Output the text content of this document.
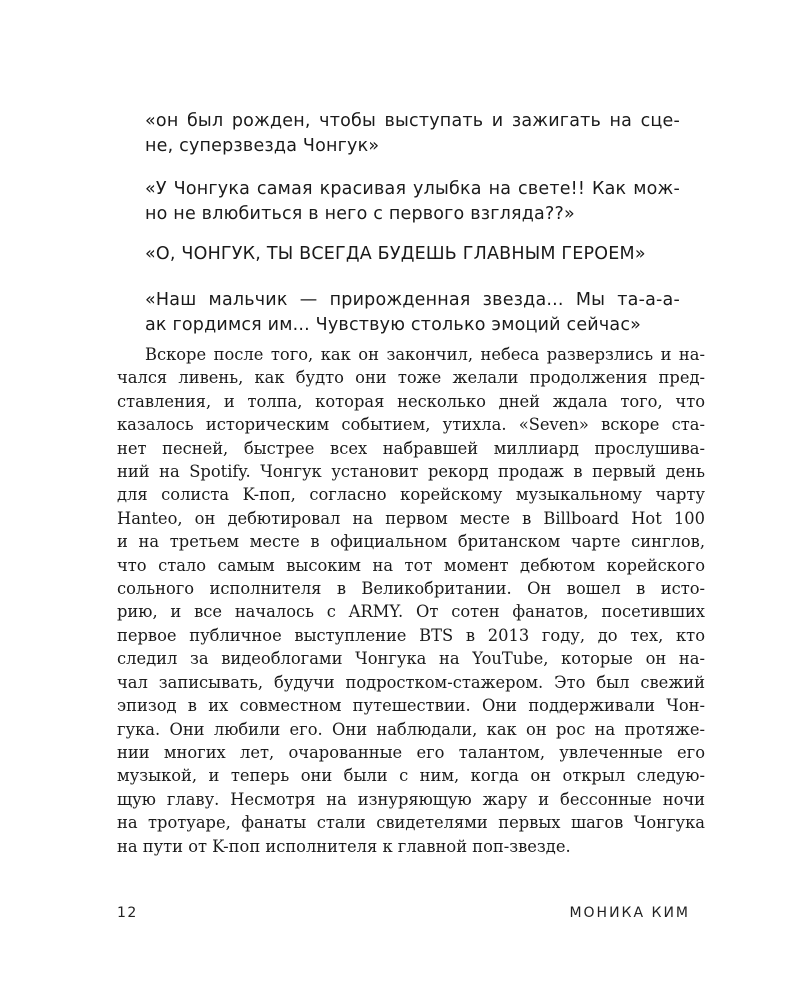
«он был рожден, чтобы выступать и зажигать на сце-
не, суперзвезда Чонгук»
«У Чонгука самая красивая улыбка на свете!! Как мож-
но не влюбиться в него с первого взгляда??»
«О, ЧОНГУК, ТЫ ВСЕГДА БУДЕШЬ ГЛАВНЫМ ГЕРОЕМ»
«Наш мальчик — прирожденная звезда... Мы та-а-а-
ак гордимся им... Чувствую столько эмоций сейчас»
Вскоре после того, как он закончил, небеса разверзлись и на-
чался ливень, как будто они тоже желали продолжения пред-
ставления, и толпа, которая несколько дней ждала того, что
казалось историческим событием, утихла. «Seven» вскоре ста-
нет песней, быстрее всех набравшей миллиард прослушива-
ний на Spotify. Чонгук установит рекорд продаж в первый день
для солиста K-поп, согласно корейскому музыкальному чарту
Hanteo, он дебютировал на первом месте в Billboard Hot 100
и на третьем месте в официальном британском чарте синглов,
что стало самым высоким на тот момент дебютом корейского
сольного исполнителя в Великобритании. Он вошел в исто-
рию, и все началось с ARMY. От сотен фанатов, посетивших
первое публичное выступление BTS в 2013 году, до тех, кто
следил за видеоблогами Чонгука на YouTube, которые он на-
чал записывать, будучи подростком-стажером. Это был свежий
эпизод в их совместном путешествии. Они поддерживали Чон-
гука. Они любили его. Они наблюдали, как он рос на протяже-
нии многих лет, очарованные его талантом, увлеченные его
музыкой, и теперь они были с ним, когда он открыл следую-
щую главу. Несмотря на изнуряющую жару и бессонные ночи
на тротуаре, фанаты стали свидетелями первых шагов Чонгука
на пути от K-поп исполнителя к главной поп-звезде.
12	МОНИКА КИМ
